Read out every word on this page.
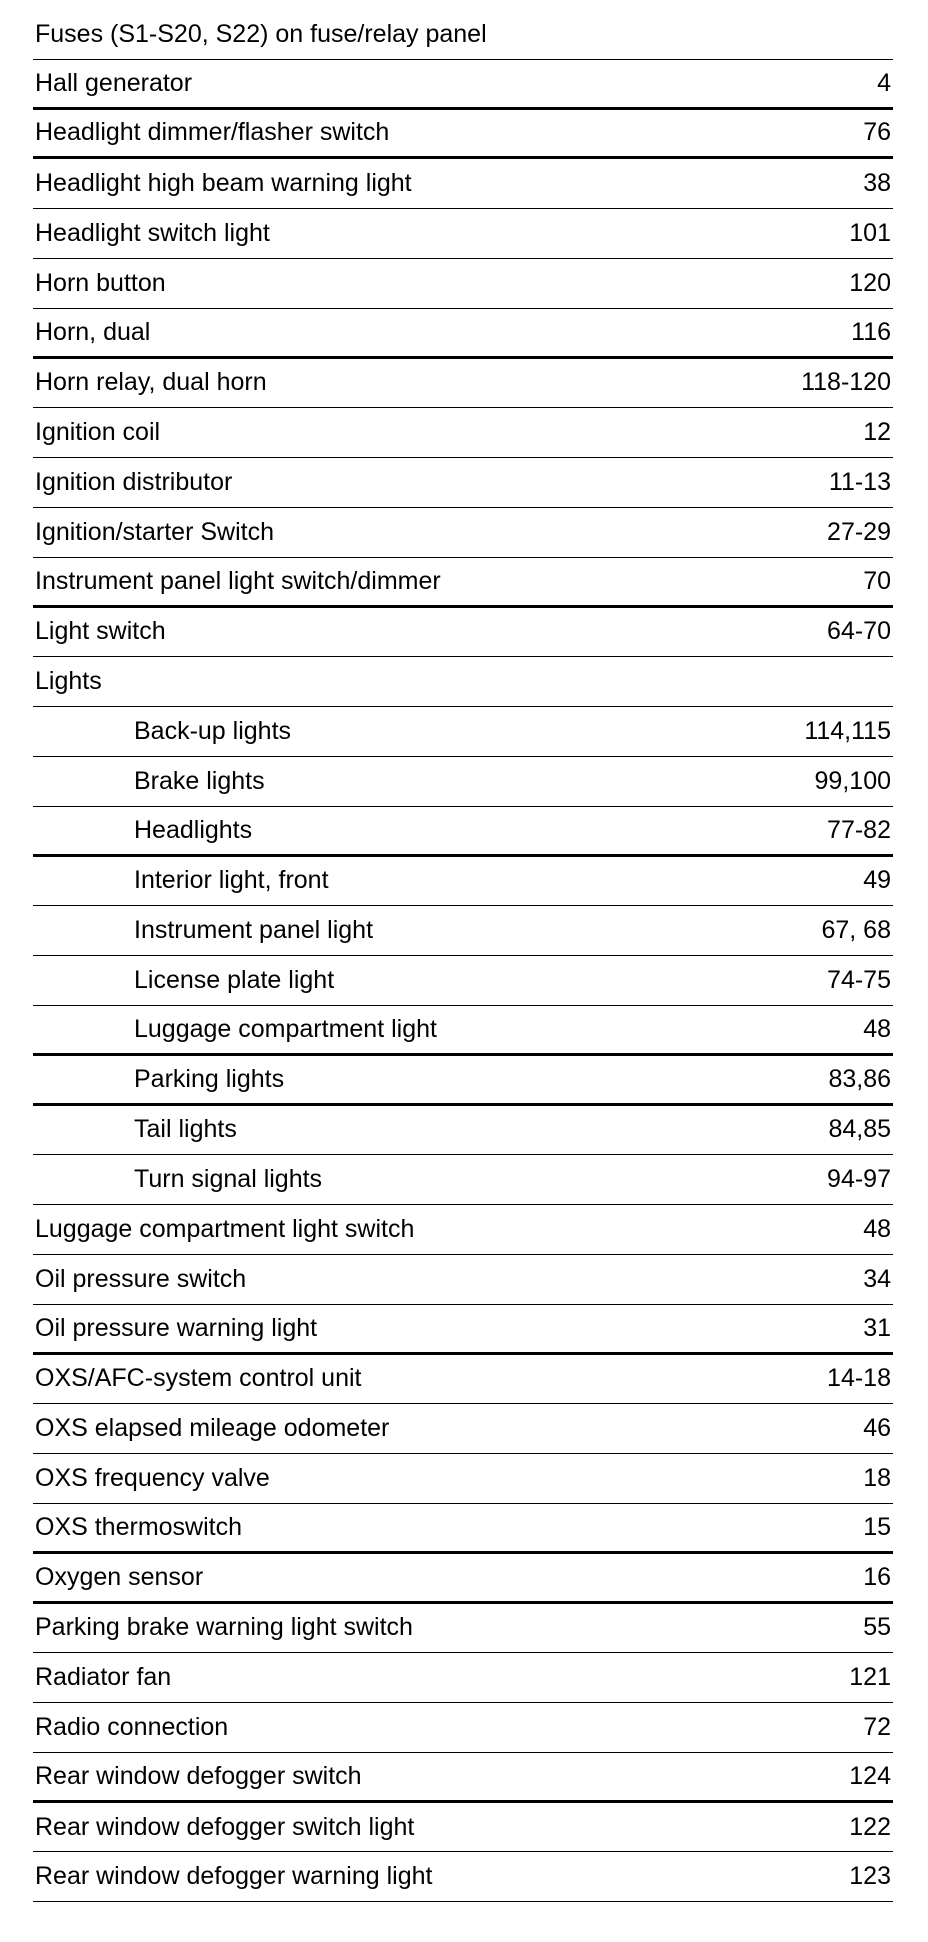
Fuses (S1-S20, S22) on fuse/relay panel
Hall generator	4
Headlight dimmer/flasher switch	76
Headlight high beam warning light	38
Headlight switch light	101
Horn button	120
Horn, dual	116
Horn relay, dual horn	118-120
Ignition coil	12
Ignition distributor	11-13
Ignition/starter Switch	27-29
Instrument panel light switch/dimmer	70
Light switch	64-70
Lights
Back-up lights	114,115
Brake lights	99,100
Headlights	77-82
Interior light, front	49
Instrument panel light	67, 68
License plate light	74-75
Luggage compartment light	48
Parking lights	83,86
Tail lights	84,85
Turn signal lights	94-97
Luggage compartment light switch	48
Oil pressure switch	34
Oil pressure warning light	31
OXS/AFC-system control unit	14-18
OXS elapsed mileage odometer	46
OXS frequency valve	18
OXS thermoswitch	15
Oxygen sensor	16
Parking brake warning light switch	55
Radiator fan	121
Radio connection	72
Rear window defogger switch	124
Rear window defogger switch light	122
Rear window defogger warning light	123
